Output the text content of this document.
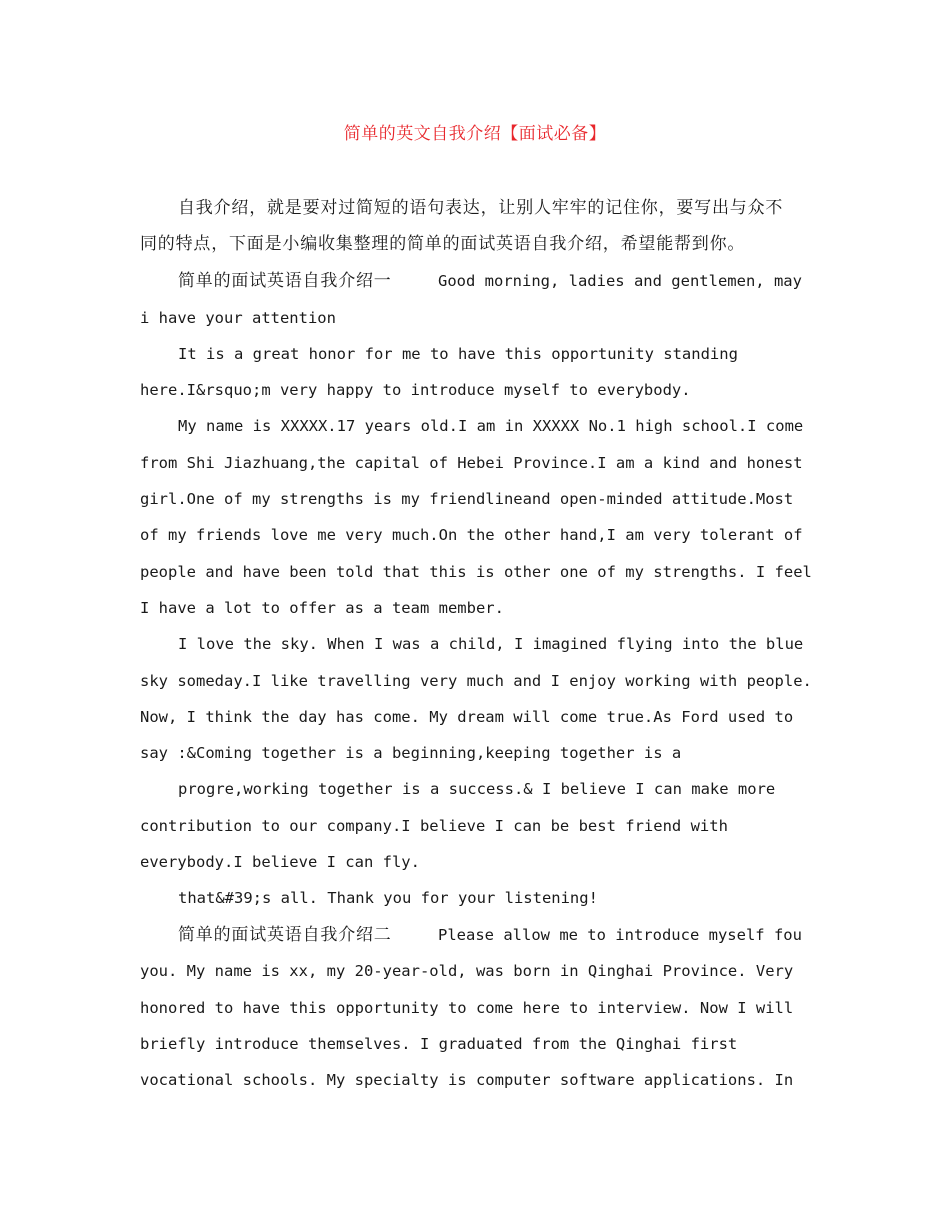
简单的英文自我介绍【面试必备】
自我介绍，就是要对过简短的语句表达，让别人牢牢的记住你，要写出与众不
同的特点，下面是小编收集整理的简单的面试英语自我介绍，希望能帮到你。
简单的面试英语自我介绍一	Good morning, ladies and gentlemen, may
i have your attention
It is a great honor for me to have this opportunity standing
here.I&rsquo;m very happy to introduce myself to everybody.
My name is XXXXX.17 years old.I am in XXXXX No.1 high school.I come
from Shi Jiazhuang,the capital of Hebei Province.I am a kind and honest
girl.One of my strengths is my friendlineand open-minded attitude.Most
of my friends love me very much.On the other hand,I am very tolerant of
people and have been told that this is other one of my strengths. I feel
I have a lot to offer as a team member.
I love the sky. When I was a child, I imagined flying into the blue
sky someday.I like travelling very much and I enjoy working with people.
Now, I think the day has come. My dream will come true.As Ford used to
say :&Coming together is a beginning,keeping together is a
progre,working together is a success.& I believe I can make more
contribution to our company.I believe I can be best friend with
everybody.I believe I can fly.
that&#39;s all. Thank you for your listening!
简单的面试英语自我介绍二	Please allow me to introduce myself fou
you. My name is xx, my 20-year-old, was born in Qinghai Province. Very
honored to have this opportunity to come here to interview. Now I will
briefly introduce themselves. I graduated from the Qinghai first
vocational schools. My specialty is computer software applications. In
